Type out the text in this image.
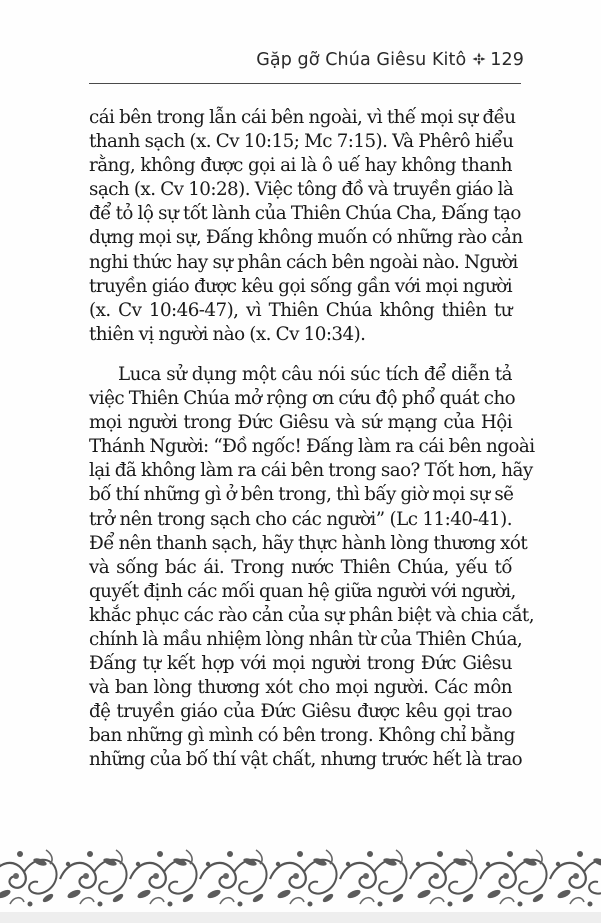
Gặp gỡ Chúa Giêsu Kitô 129
cái bên trong lẫn cái bên ngoài, vì thế mọi sự đều
thanh sạch (x. Cv 10:15; Mc 7:15). Và Phêrô hiểu
rằng, không được gọi ai là ô uế hay không thanh
sạch (x. Cv 10:28). Việc tông đồ và truyền giáo là
để tỏ lộ sự tốt lành của Thiên Chúa Cha, Đấng tạo
dựng mọi sự, Đấng không muốn có những rào cản
nghi thức hay sự phân cách bên ngoài nào. Người
truyền giáo được kêu gọi sống gần với mọi người
(x. Cv 10:46-47), vì Thiên Chúa không thiên tư
thiên vị người nào (x. Cv 10:34).
Luca sử dụng một câu nói súc tích để diễn tả
việc Thiên Chúa mở rộng ơn cứu độ phổ quát cho
mọi người trong Đức Giêsu và sứ mạng của Hội
Thánh Người: “Đồ ngốc! Đấng làm ra cái bên ngoài
lại đã không làm ra cái bên trong sao? Tốt hơn, hãy
bố thí những gì ở bên trong, thì bấy giờ mọi sự sẽ
trở nên trong sạch cho các người” (Lc 11:40-41).
Để nên thanh sạch, hãy thực hành lòng thương xót
và sống bác ái. Trong nước Thiên Chúa, yếu tố
quyết định các mối quan hệ giữa người với người,
khắc phục các rào cản của sự phân biệt và chia cắt,
chính là mầu nhiệm lòng nhân từ của Thiên Chúa,
Đấng tự kết hợp với mọi người trong Đức Giêsu
và ban lòng thương xót cho mọi người. Các môn
đệ truyền giáo của Đức Giêsu được kêu gọi trao
ban những gì mình có bên trong. Không chỉ bằng
những của bố thí vật chất, nhưng trước hết là trao
